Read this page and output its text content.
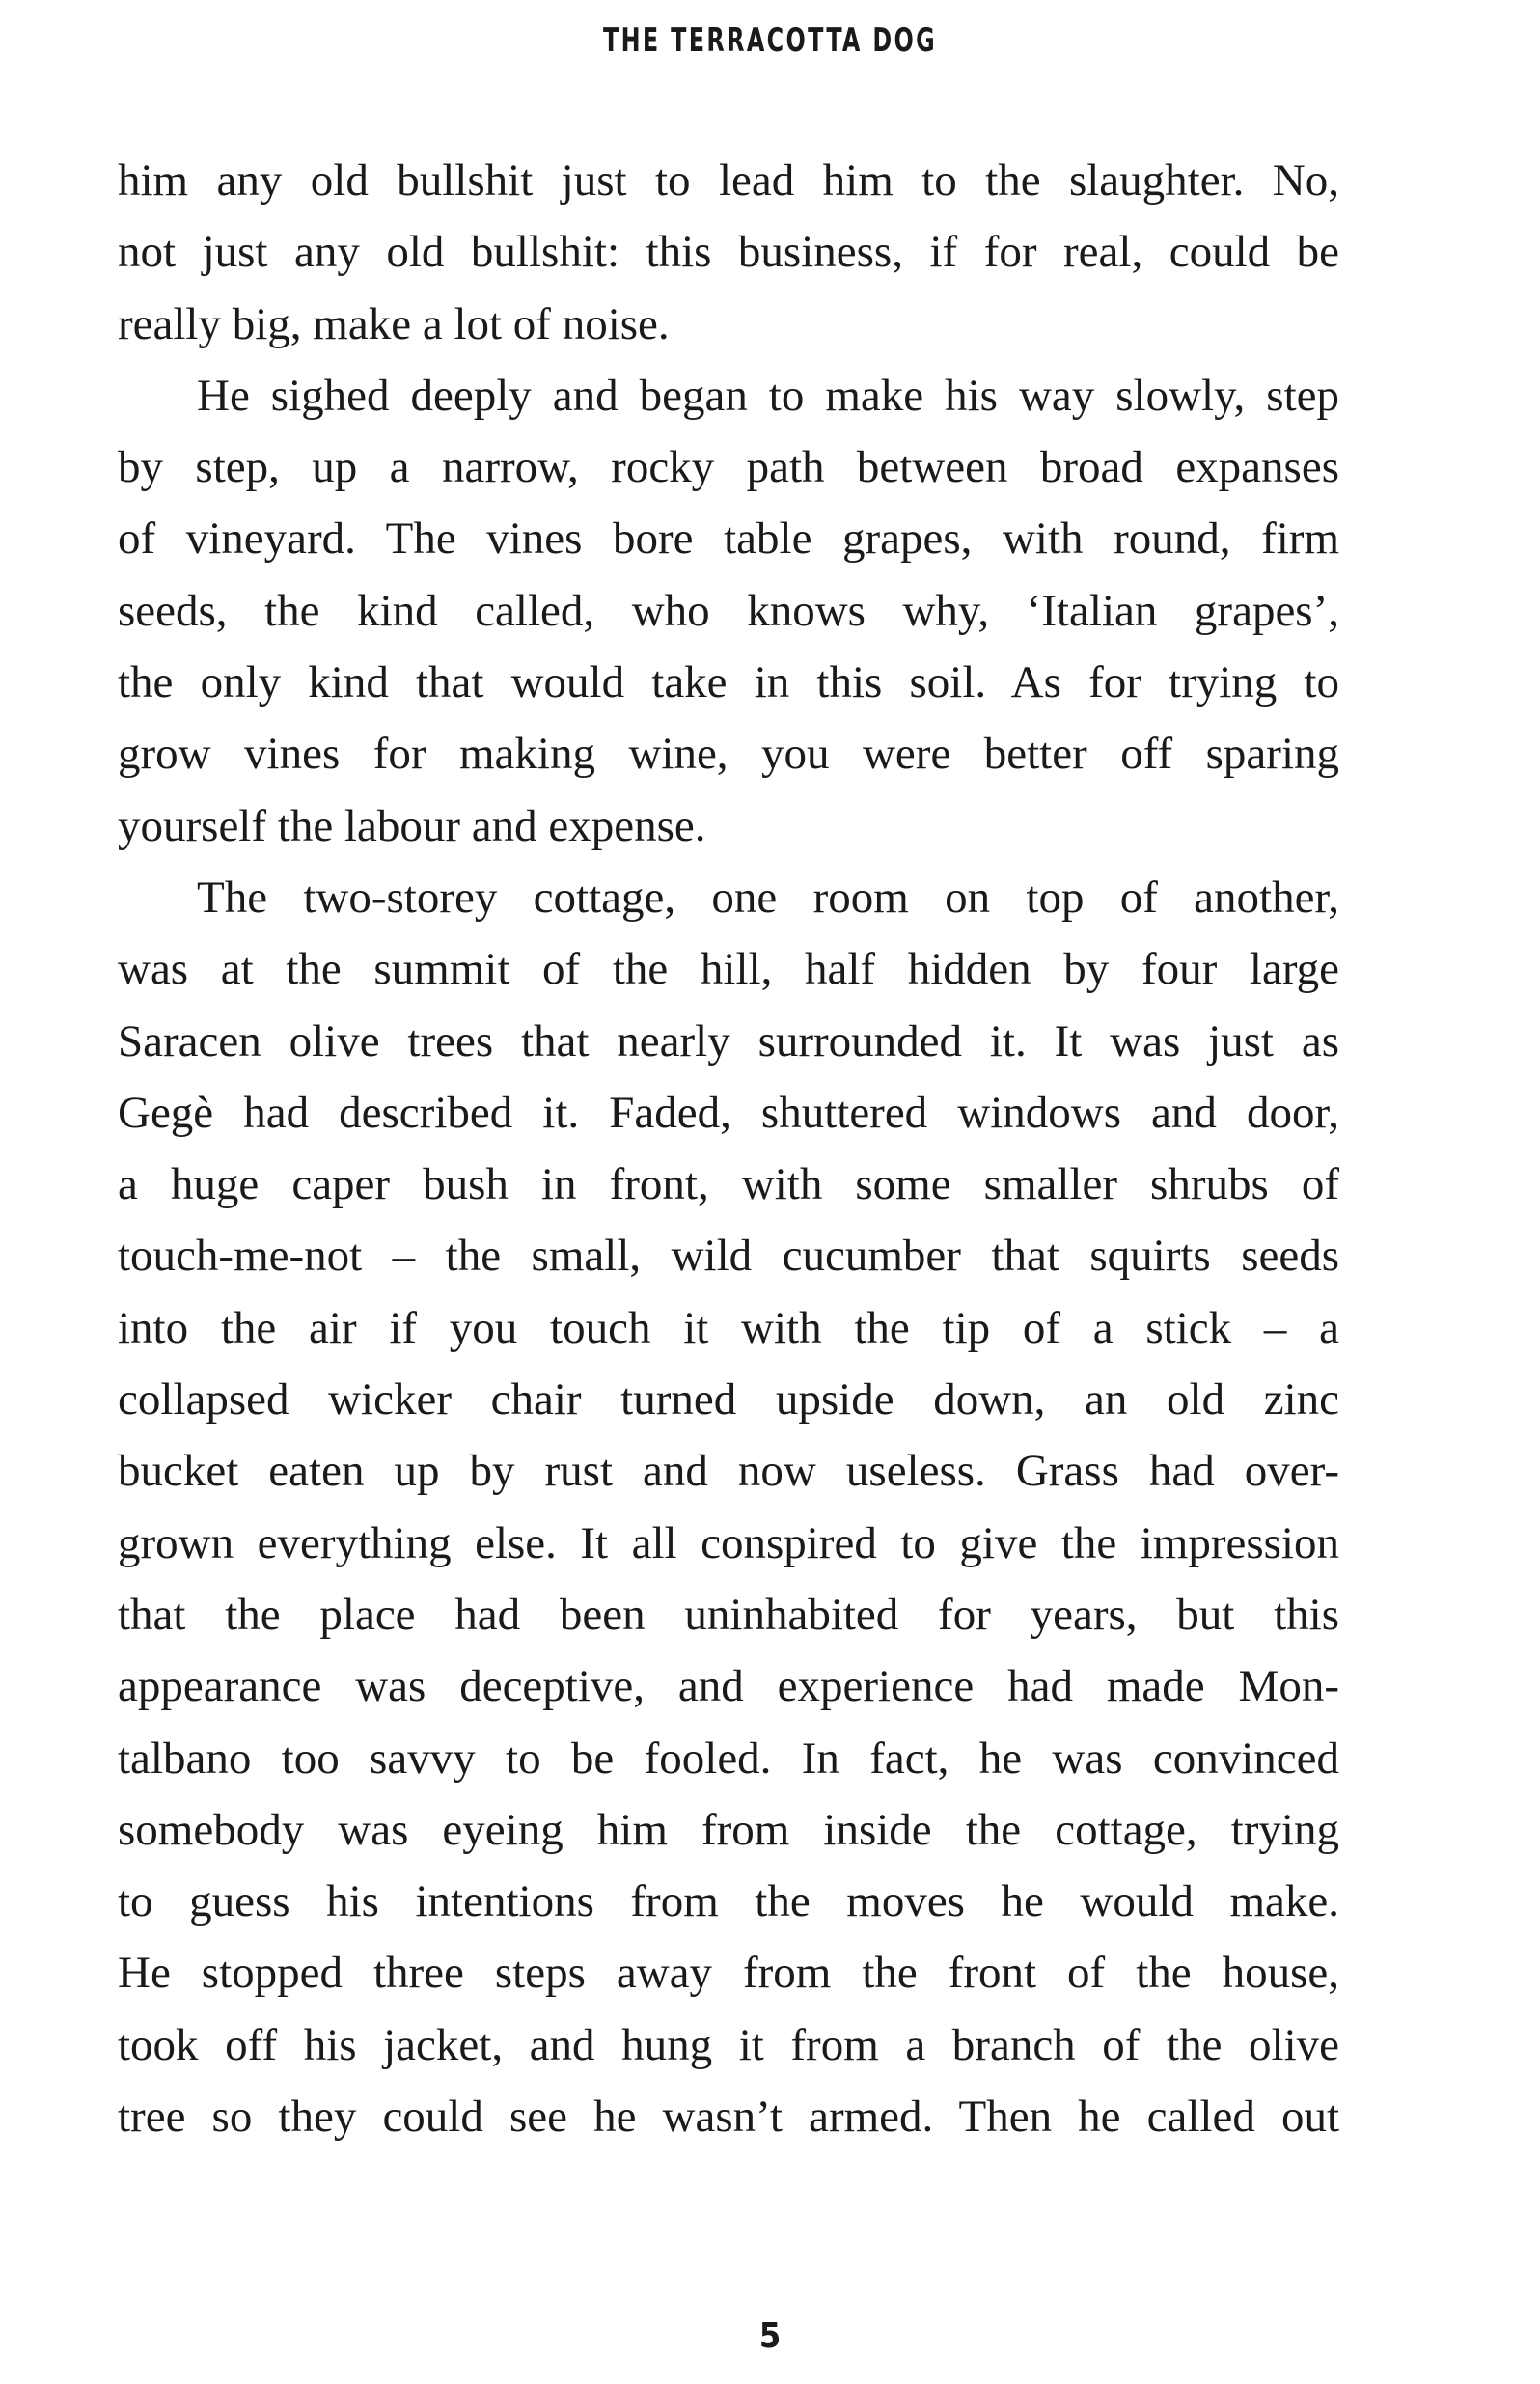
THE TERRACOTTA DOG
him any old bullshit just to lead him to the slaughter. No,
not just any old bullshit: this business, if for real, could be
really big, make a lot of noise.
He sighed deeply and began to make his way slowly, step
by step, up a narrow, rocky path between broad expanses
of vineyard. The vines bore table grapes, with round, firm
seeds, the kind called, who knows why, ‘Italian grapes’,
the only kind that would take in this soil. As for trying to
grow vines for making wine, you were better off sparing
yourself the labour and expense.
The two-storey cottage, one room on top of another,
was at the summit of the hill, half hidden by four large
Saracen olive trees that nearly surrounded it. It was just as
Gegè had described it. Faded, shuttered windows and door,
a huge caper bush in front, with some smaller shrubs of
touch-me-not – the small, wild cucumber that squirts seeds
into the air if you touch it with the tip of a stick – a
collapsed wicker chair turned upside down, an old zinc
bucket eaten up by rust and now useless. Grass had over-
grown everything else. It all conspired to give the impression
that the place had been uninhabited for years, but this
appearance was deceptive, and experience had made Mon-
talbano too savvy to be fooled. In fact, he was convinced
somebody was eyeing him from inside the cottage, trying
to guess his intentions from the moves he would make.
He stopped three steps away from the front of the house,
took off his jacket, and hung it from a branch of the olive
tree so they could see he wasn’t armed. Then he called out
5
